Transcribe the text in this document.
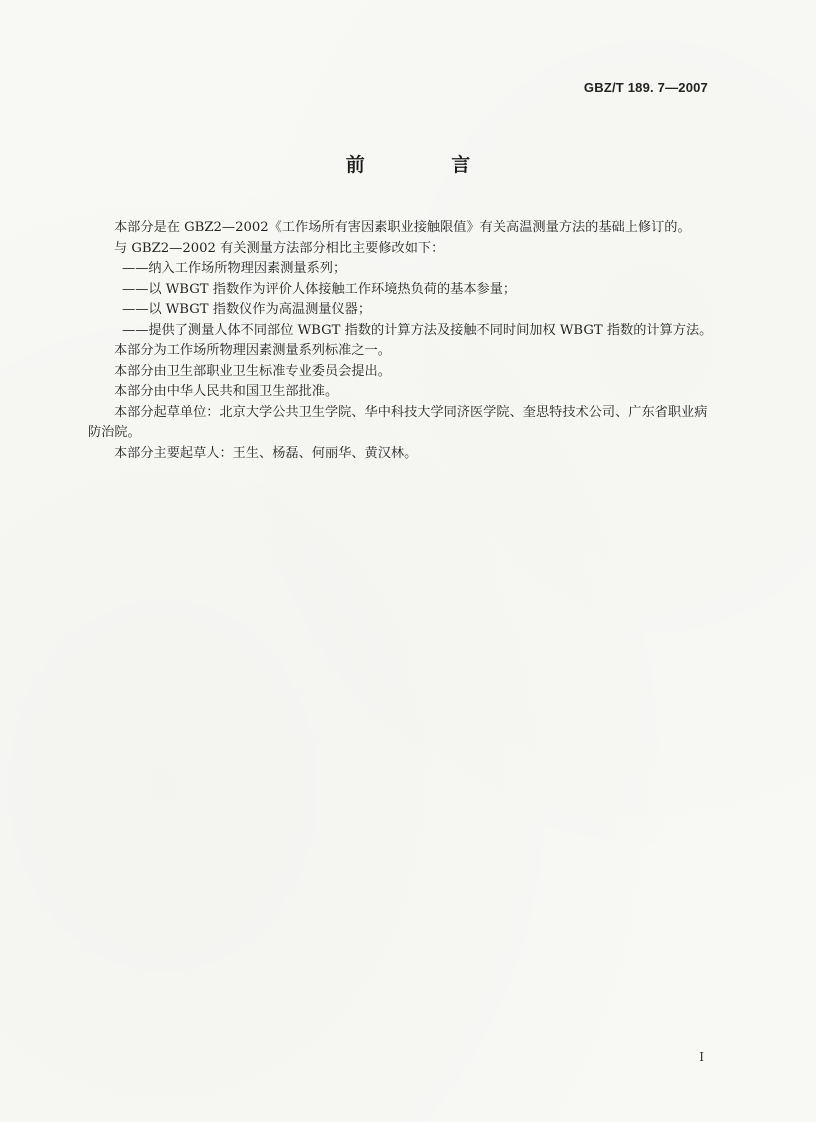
GBZ/T 189. 7—2007
前 言

本部分是在 GBZ2—2002《工作场所有害因素职业接触限值》有关高温测量方法的基础上修订的。

与 GBZ2—2002 有关测量方法部分相比主要修改如下：

——纳入工作场所物理因素测量系列；

——以 WBGT 指数作为评价人体接触工作环境热负荷的基本参量；

——以 WBGT 指数仪作为高温测量仪器；

——提供了测量人体不同部位 WBGT 指数的计算方法及接触不同时间加权 WBGT 指数的计算方法。

本部分为工作场所物理因素测量系列标准之一。

本部分由卫生部职业卫生标准专业委员会提出。

本部分由中华人民共和国卫生部批准。

本部分起草单位：北京大学公共卫生学院、华中科技大学同济医学院、奎思特技术公司、广东省职业病防治院。

本部分主要起草人：王生、杨磊、何丽华、黄汉林。

I
